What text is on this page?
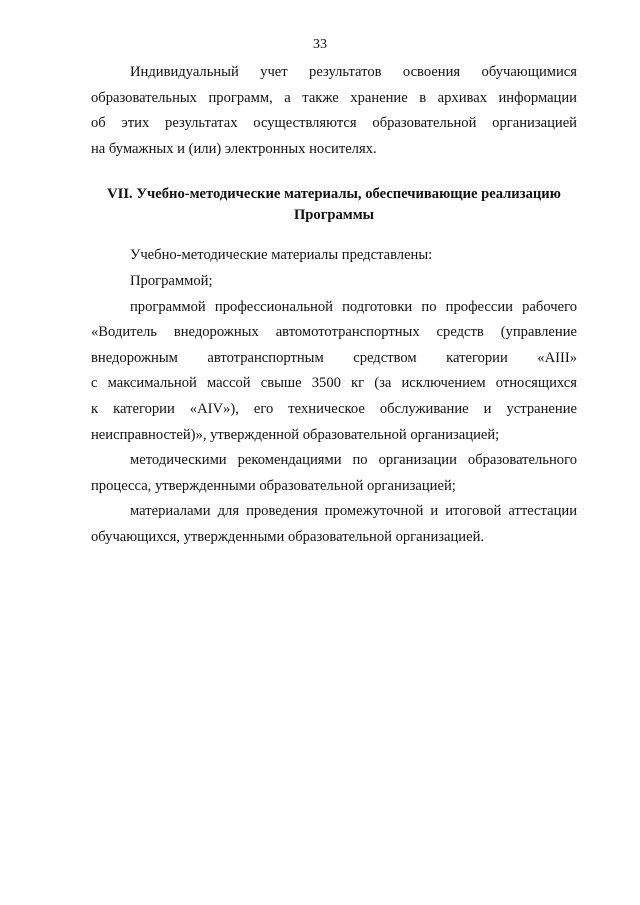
33
Индивидуальный учет результатов освоения обучающимися
образовательных программ, а также хранение в архивах информации
об этих результатах осуществляются образовательной организацией
на бумажных и (или) электронных носителях.
VII. Учебно-методические материалы, обеспечивающие реализацию
Программы
Учебно-методические материалы представлены:
Программой;
программой профессиональной подготовки по профессии рабочего
«Водитель внедорожных автомототранспортных средств (управление
внедорожным автотранспортным средством категории «AIII»
с максимальной массой свыше 3500 кг (за исключением относящихся
к категории «AIV»), его техническое обслуживание и устранение
неисправностей)», утвержденной образовательной организацией;
методическими рекомендациями по организации образовательного
процесса, утвержденными образовательной организацией;
материалами для проведения промежуточной и итоговой аттестации
обучающихся, утвержденными образовательной организацией.
